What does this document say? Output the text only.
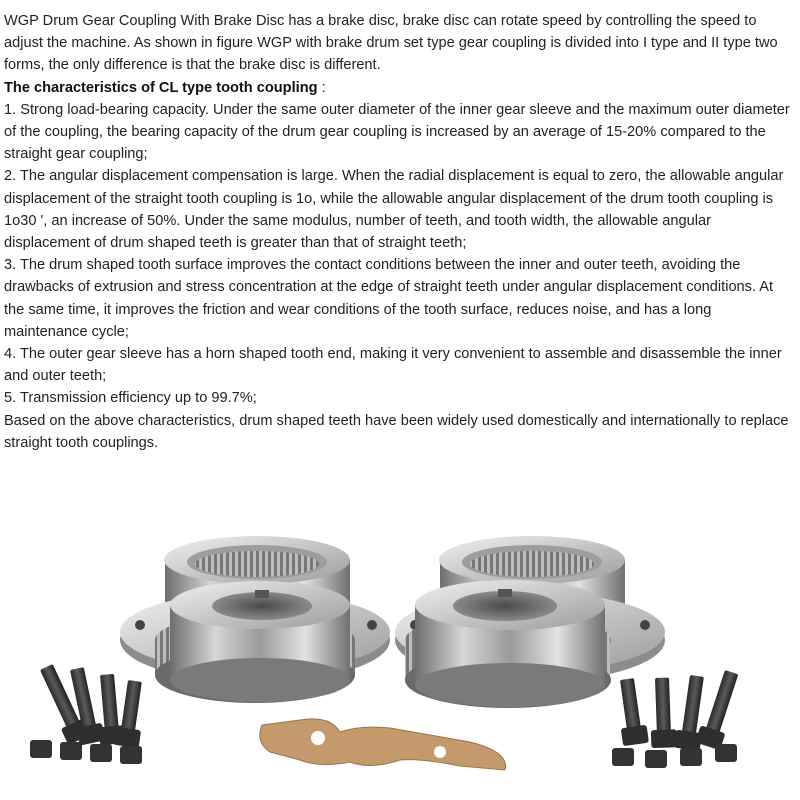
WGP Drum Gear Coupling With Brake Disc has a brake disc, brake disc can rotate speed by controlling the speed to adjust the machine. As shown in figure WGP with brake drum set type gear coupling is divided into I type and II type two forms, the only difference is that the brake disc is different.

The characteristics of CL type tooth coupling :

1. Strong load-bearing capacity. Under the same outer diameter of the inner gear sleeve and the maximum outer diameter of the coupling, the bearing capacity of the drum gear coupling is increased by an average of 15-20% compared to the straight gear coupling;

2. The angular displacement compensation is large. When the radial displacement is equal to zero, the allowable angular

displacement of the straight tooth coupling is 1o, while the allowable angular displacement of the drum tooth coupling is 1o30 ', an increase of 50%. Under the same modulus, number of teeth, and tooth width, the allowable angular displacement of drum shaped teeth is greater than that of straight teeth;

3. The drum shaped tooth surface improves the contact conditions between the inner and outer teeth, avoiding the drawbacks of extrusion and stress concentration at the edge of straight teeth under angular displacement conditions. At the same time, it improves the friction and wear conditions of the tooth surface, reduces noise, and has a long maintenance cycle;

4. The outer gear sleeve has a horn shaped tooth end, making it very convenient to assemble and disassemble the inner and outer teeth;

5. Transmission efficiency up to 99.7%;

Based on the above characteristics, drum shaped teeth have been widely used domestically and internationally to replace straight tooth couplings.
